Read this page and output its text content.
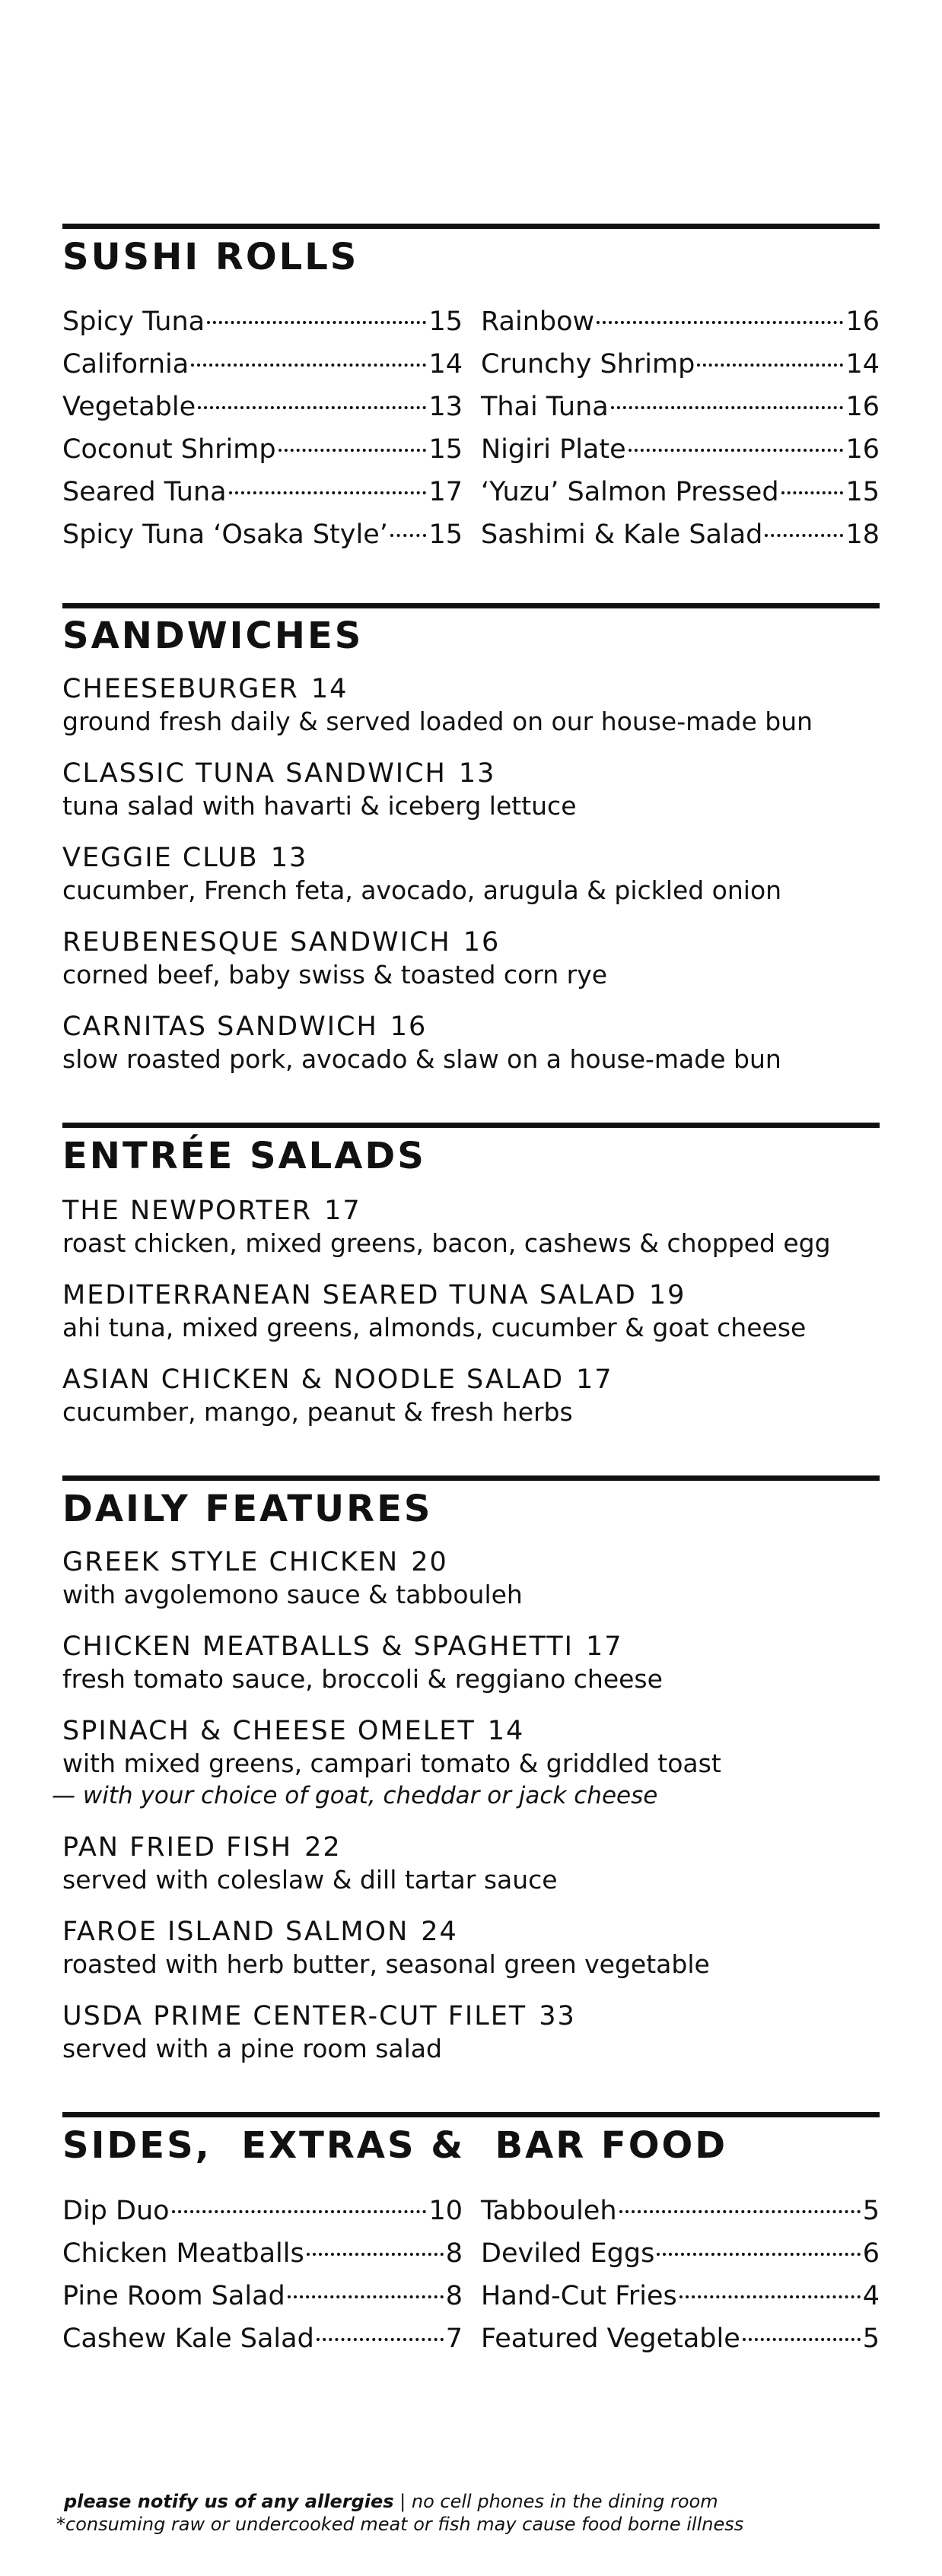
SUSHI ROLLS
Spicy Tuna	15
California	14
Vegetable	13
Coconut Shrimp	15
Seared Tuna	17
Spicy Tuna ‘Osaka Style’ 15
Rainbow	16
Crunchy Shrimp	14
Thai Tuna	16
Nigiri Plate	16
‘Yuzu’ Salmon Pressed	15
Sashimi & Kale Salad	18
SANDWICHES
CHEESEBURGER 14
ground fresh daily & served loaded on our house-made bun
CLASSIC TUNA SANDWICH 13
tuna salad with havarti & iceberg lettuce
VEGGIE CLUB 13
cucumber, French feta, avocado, arugula & pickled onion
REUBENESQUE SANDWICH 16
corned beef, baby swiss & toasted corn rye
CARNITAS SANDWICH 16
slow roasted pork, avocado & slaw on a house-made bun
ENTRÉE SALADS
THE NEWPORTER 17
roast chicken, mixed greens, bacon, cashews & chopped egg
MEDITERRANEAN SEARED TUNA SALAD 19
ahi tuna, mixed greens, almonds, cucumber & goat cheese
ASIAN CHICKEN & NOODLE SALAD 17
cucumber, mango, peanut & fresh herbs
DAILY FEATURES
GREEK STYLE CHICKEN 20
with avgolemono sauce & tabbouleh
CHICKEN MEATBALLS & SPAGHETTI 17
fresh tomato sauce, broccoli & reggiano cheese
SPINACH & CHEESE OMELET 14
with mixed greens, campari tomato & griddled toast
— with your choice of goat, cheddar or jack cheese
PAN FRIED FISH 22
served with coleslaw & dill tartar sauce
FAROE ISLAND SALMON 24
roasted with herb butter, seasonal green vegetable
USDA PRIME CENTER-CUT FILET 33
served with a pine room salad
SIDES,  EXTRAS &  BAR FOOD
Dip Duo	10
Chicken Meatballs	8
Pine Room Salad	8
Cashew Kale Salad	7
Tabbouleh	5
Deviled Eggs	6
Hand-Cut Fries	4
Featured Vegetable	5
please notify us of any allergies | no cell phones in the dining room
*consuming raw or undercooked meat or fish may cause food borne illness
